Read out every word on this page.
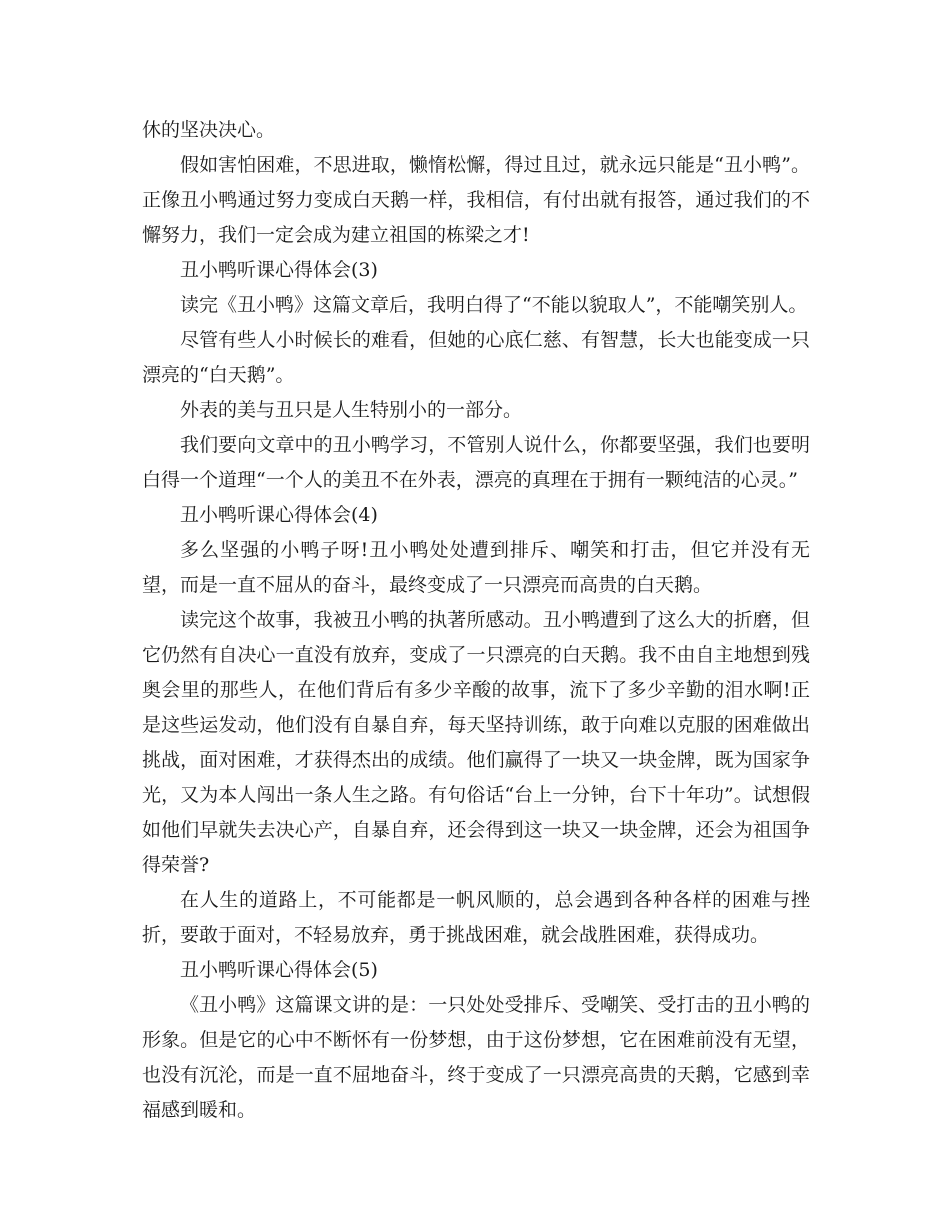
休的坚决决心。

假如害怕困难，不思进取，懒惰松懈，得过且过，就永远只能是“丑小鸭”。正像丑小鸭通过努力变成白天鹅一样，我相信，有付出就有报答，通过我们的不懈努力，我们一定会成为建立祖国的栋梁之才!

丑小鸭听课心得体会(3)

读完《丑小鸭》这篇文章后，我明白得了“不能以貌取人”，不能嘲笑别人。

尽管有些人小时候长的难看，但她的心底仁慈、有智慧，长大也能变成一只漂亮的“白天鹅”。

外表的美与丑只是人生特别小的一部分。

我们要向文章中的丑小鸭学习，不管别人说什么，你都要坚强，我们也要明白得一个道理“一个人的美丑不在外表，漂亮的真理在于拥有一颗纯洁的心灵。”

丑小鸭听课心得体会(4)

多么坚强的小鸭子呀!丑小鸭处处遭到排斥、嘲笑和打击，但它并没有无望，而是一直不屈从的奋斗，最终变成了一只漂亮而高贵的白天鹅。

读完这个故事，我被丑小鸭的执著所感动。丑小鸭遭到了这么大的折磨，但它仍然有自决心一直没有放弃，变成了一只漂亮的白天鹅。我不由自主地想到残奥会里的那些人，在他们背后有多少辛酸的故事，流下了多少辛勤的泪水啊!正是这些运发动，他们没有自暴自弃，每天坚持训练，敢于向难以克服的困难做出挑战，面对困难，才获得杰出的成绩。他们赢得了一块又一块金牌，既为国家争光，又为本人闯出一条人生之路。有句俗话“台上一分钟，台下十年功”。试想假如他们早就失去决心产，自暴自弃，还会得到这一块又一块金牌，还会为祖国争得荣誉?

在人生的道路上，不可能都是一帆风顺的，总会遇到各种各样的困难与挫折，要敢于面对，不轻易放弃，勇于挑战困难，就会战胜困难，获得成功。

丑小鸭听课心得体会(5)

《丑小鸭》这篇课文讲的是：一只处处受排斥、受嘲笑、受打击的丑小鸭的形象。但是它的心中不断怀有一份梦想，由于这份梦想，它在困难前没有无望，也没有沉沦，而是一直不屈地奋斗，终于变成了一只漂亮高贵的天鹅，它感到幸福感到暖和。
